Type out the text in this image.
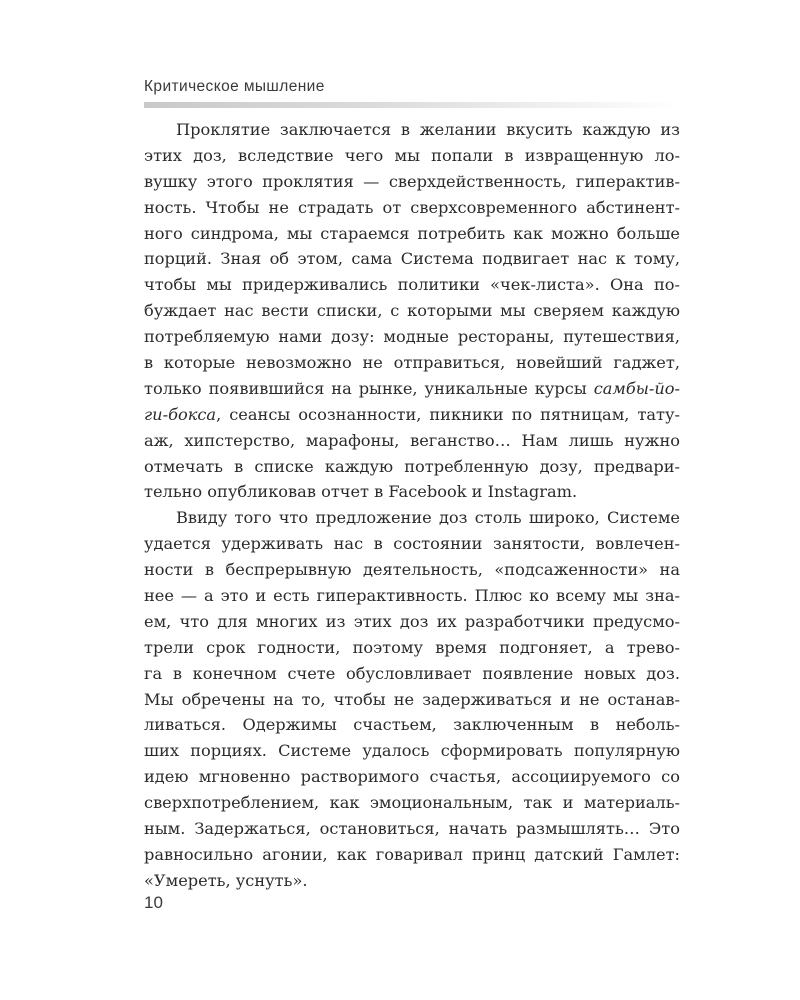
Критическое мышление
Проклятие заключается в желании вкусить каждую из
этих доз, вследствие чего мы попали в извращенную ло-
вушку этого проклятия — сверхдейственность, гиперактив-
ность. Чтобы не страдать от сверхсовременного абстинент-
ного синдрома, мы стараемся потребить как можно больше
порций. Зная об этом, сама Система подвигает нас к тому,
чтобы мы придерживались политики «чек-листа». Она по-
буждает нас вести списки, с которыми мы сверяем каждую
потребляемую нами дозу: модные рестораны, путешествия,
в которые невозможно не отправиться, новейший гаджет,
только появившийся на рынке, уникальные курсы самбы-йо-
ги-бокса, сеансы осознанности, пикники по пятницам, тату-
аж, хипстерство, марафоны, веганство… Нам лишь нужно
отмечать в списке каждую потребленную дозу, предвари-
тельно опубликовав отчет в Facebook и Instagram.
Ввиду того что предложение доз столь широко, Системе
удается удерживать нас в состоянии занятости, вовлечен-
ности в беспрерывную деятельность, «подсаженности» на
нее — а это и есть гиперактивность. Плюс ко всему мы зна-
ем, что для многих из этих доз их разработчики предусмо-
трели срок годности, поэтому время подгоняет, а трево-
га в конечном счете обусловливает появление новых доз.
Мы обречены на то, чтобы не задерживаться и не останав-
ливаться. Одержимы счастьем, заключенным в неболь-
ших порциях. Системе удалось сформировать популярную
идею мгновенно растворимого счастья, ассоциируемого со
сверхпотреблением, как эмоциональным, так и материаль-
ным. Задержаться, остановиться, начать размышлять… Это
равносильно агонии, как говаривал принц датский Гамлет:
«Умереть, уснуть».
10
